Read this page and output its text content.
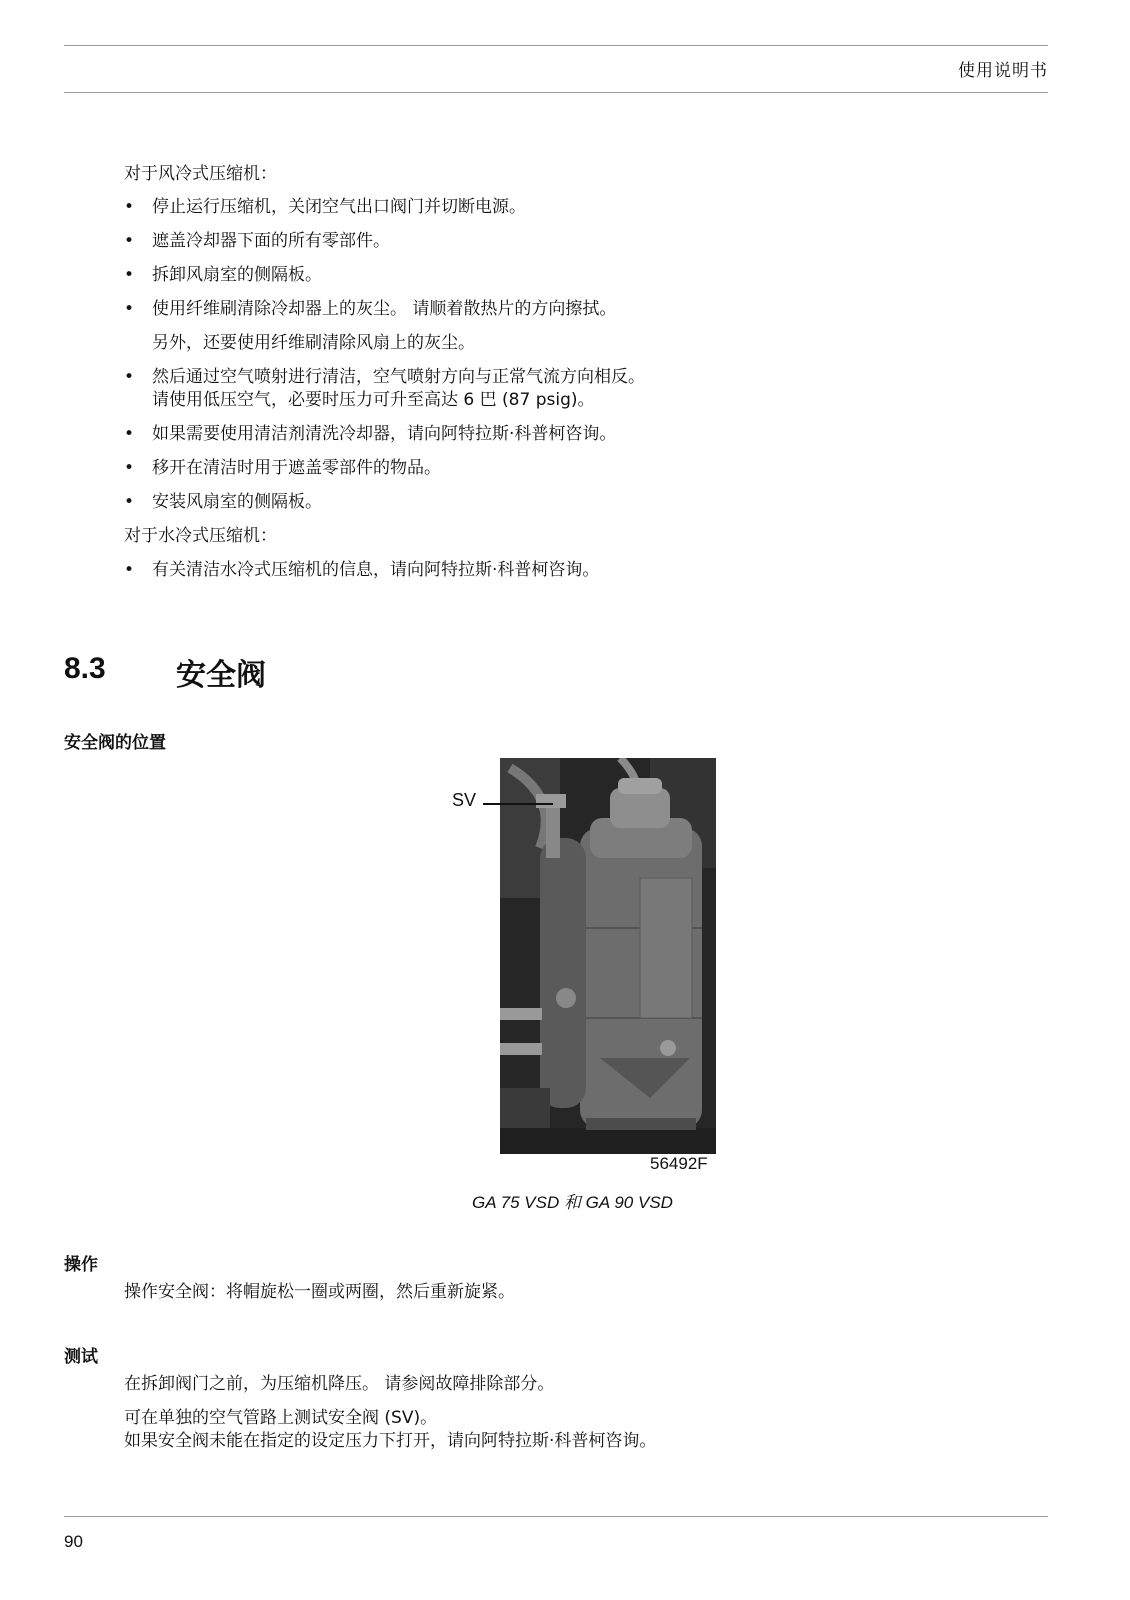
使用说明书
对于风冷式压缩机：
• 停止运行压缩机，关闭空气出口阀门并切断电源。
• 遮盖冷却器下面的所有零部件。
• 拆卸风扇室的侧隔板。
• 使用纤维刷清除冷却器上的灰尘。 请顺着散热片的方向擦拭。
另外，还要使用纤维刷清除风扇上的灰尘。
• 然后通过空气喷射进行清洁，空气喷射方向与正常气流方向相反。
请使用低压空气，必要时压力可升至高达 6 巴 (87 psig)。
• 如果需要使用清洁剂清洗冷却器，请向阿特拉斯·科普柯咨询。
• 移开在清洁时用于遮盖零部件的物品。
• 安装风扇室的侧隔板。
对于水冷式压缩机：
• 有关清洁水冷式压缩机的信息，请向阿特拉斯·科普柯咨询。
8.3 安全阀
安全阀的位置
SV
56492F
GA 75 VSD 和 GA 90 VSD
操作
操作安全阀：将帽旋松一圈或两圈，然后重新旋紧。
测试
在拆卸阀门之前，为压缩机降压。 请参阅故障排除部分。
可在单独的空气管路上测试安全阀 (SV)。
如果安全阀未能在指定的设定压力下打开，请向阿特拉斯·科普柯咨询。
90
